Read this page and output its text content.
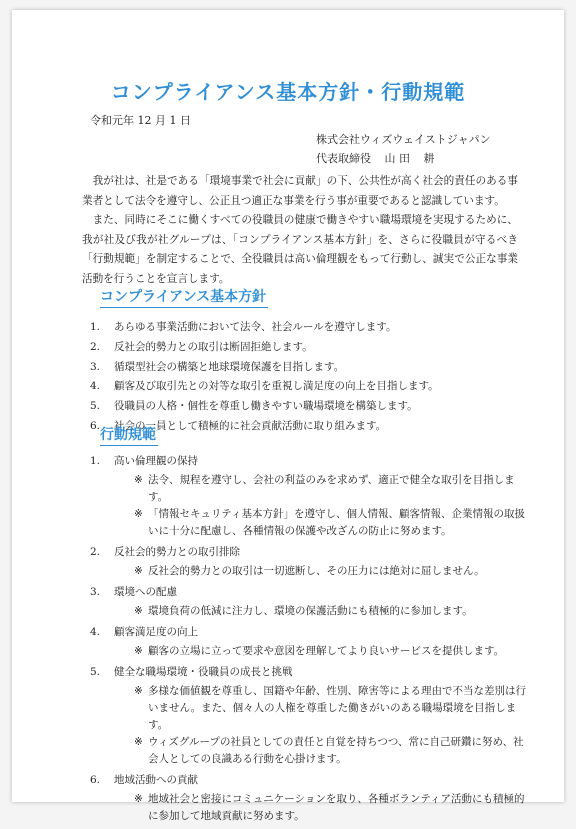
コンプライアンス基本方針・行動規範
令和元年 12 月 1 日
株式会社ウィズウェイストジャパン
代表取締役 山 田 耕

我が社は、社是である「環境事業で社会に貢献」の下、公共性が高く社会的責任のある事業者として法令を遵守し、公正且つ適正な事業を行う事が重要であると認識しています。

また、同時にそこに働くすべての役職員の健康で働きやすい職場環境を実現するために、我が社及び我が社グループは、「コンプライアンス基本方針」を、さらに役職員が守るべき「行動規範」を制定することで、全役職員は高い倫理観をもって行動し、誠実で公正な事業活動を行うことを宣言します。

コンプライアンス基本方針
1.	あらゆる事業活動において法令、社会ルールを遵守します。
2.	反社会的勢力との取引は断固拒絶します。
3.	循環型社会の構築と地球環境保護を目指します。
4.	顧客及び取引先との対等な取引を重視し満足度の向上を目指します。
5.	役職員の人格・個性を尊重し働きやすい職場環境を構築します。
6.	社会の一員として積極的に社会貢献活動に取り組みます。
行動規範
1.	高い倫理観の保持
※ 法令、規程を遵守し、会社の利益のみを求めず、適正で健全な取引を目指します。
※ 「情報セキュリティ基本方針」を遵守し、個人情報、顧客情報、企業情報の取扱いに十分に配慮し、各種情報の保護や改ざんの防止に努めます。
2.	反社会的勢力との取引排除
※ 反社会的勢力との取引は一切遮断し、その圧力には絶対に屈しません。
3.	環境への配慮
※ 環境負荷の低減に注力し、環境の保護活動にも積極的に参加します。
4.	顧客満足度の向上
※ 顧客の立場に立って要求や意図を理解してより良いサービスを提供します。
5.	健全な職場環境・役職員の成長と挑戦
※ 多様な価値観を尊重し、国籍や年齢、性別、障害等による理由で不当な差別は行いません。また、個々人の人権を尊重した働きがいのある職場環境を目指します。
※ ウィズグループの社員としての責任と自覚を持ちつつ、常に自己研鑽に努め、社会人としての良識ある行動を心掛けます。
6.	地域活動への貢献
※ 地域社会と密接にコミュニケーションを取り、各種ボランティア活動にも積極的に参加して地域貢献に努めます。
